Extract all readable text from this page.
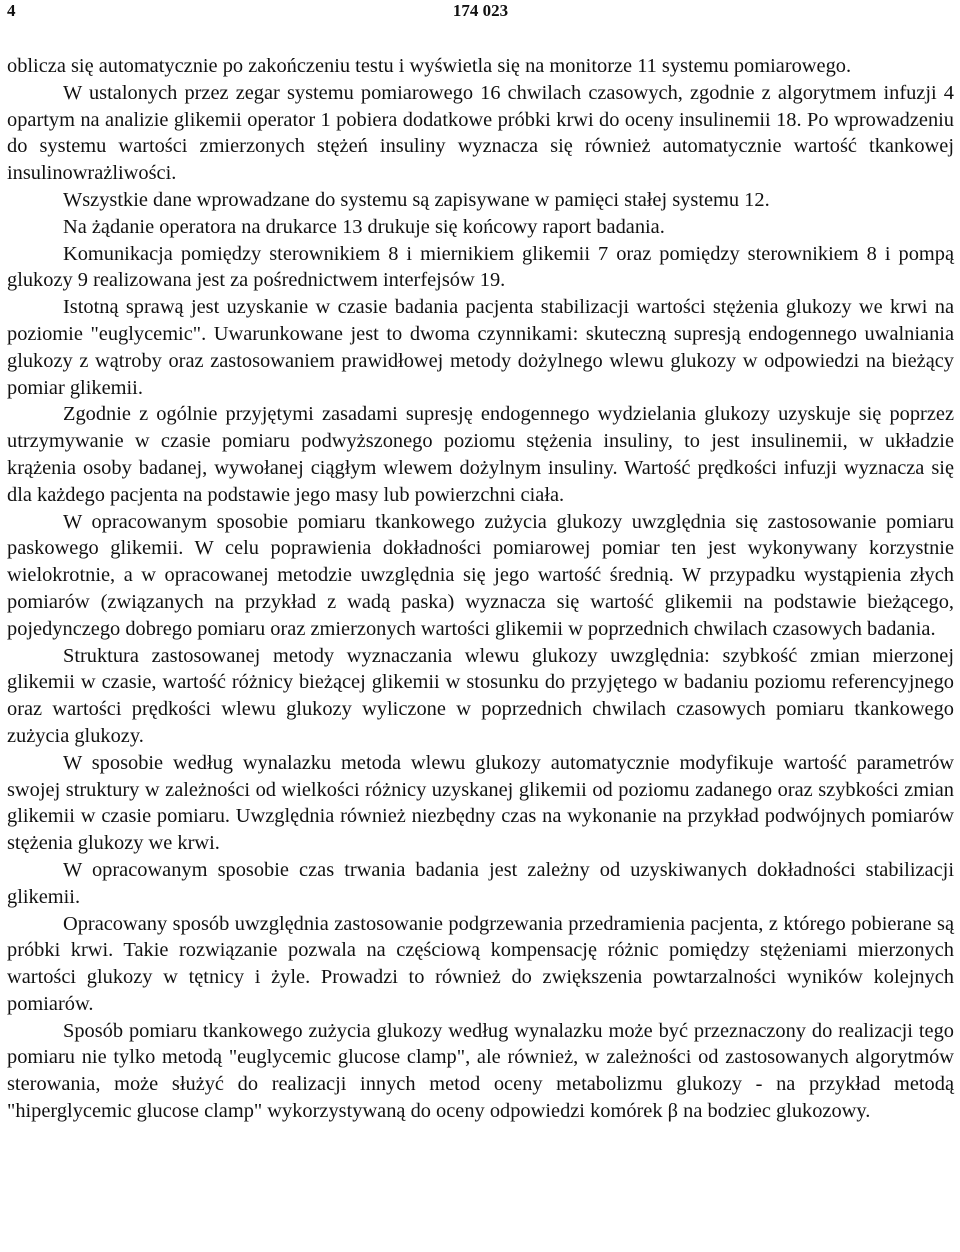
4	174 023

oblicza się automatycznie po zakończeniu testu i wyświetla się na monitorze 11 systemu pomiarowego.

W ustalonych przez zegar systemu pomiarowego 16 chwilach czasowych, zgodnie z algorytmem infuzji 4 opartym na analizie glikemii operator 1 pobiera dodatkowe próbki krwi do oceny insulinemii 18. Po wprowadzeniu do systemu wartości zmierzonych stężeń insuliny wyznacza się również automatycznie wartość tkankowej insulinowrażliwości.

Wszystkie dane wprowadzane do systemu są zapisywane w pamięci stałej systemu 12.

Na żądanie operatora na drukarce 13 drukuje się końcowy raport badania.

Komunikacja pomiędzy sterownikiem 8 i miernikiem glikemii 7 oraz pomiędzy sterownikiem 8 i pompą glukozy 9 realizowana jest za pośrednictwem interfejsów 19.

Istotną sprawą jest uzyskanie w czasie badania pacjenta stabilizacji wartości stężenia glukozy we krwi na poziomie "euglycemic". Uwarunkowane jest to dwoma czynnikami: skuteczną supresją endogennego uwalniania glukozy z wątroby oraz zastosowaniem prawidłowej metody dożylnego wlewu glukozy w odpowiedzi na bieżący pomiar glikemii.

Zgodnie z ogólnie przyjętymi zasadami supresję endogennego wydzielania glukozy uzyskuje się poprzez utrzymywanie w czasie pomiaru podwyższonego poziomu stężenia insuliny, to jest insulinemii, w układzie krążenia osoby badanej, wywołanej ciągłym wlewem dożylnym insuliny. Wartość prędkości infuzji wyznacza się dla każdego pacjenta na podstawie jego masy lub powierzchni ciała.

W opracowanym sposobie pomiaru tkankowego zużycia glukozy uwzględnia się zastosowanie pomiaru paskowego glikemii. W celu poprawienia dokładności pomiarowej pomiar ten jest wykonywany korzystnie wielokrotnie, a w opracowanej metodzie uwzględnia się jego wartość średnią. W przypadku wystąpienia złych pomiarów (związanych na przykład z wadą paska) wyznacza się wartość glikemii na podstawie bieżącego, pojedynczego dobrego pomiaru oraz zmierzonych wartości glikemii w poprzednich chwilach czasowych badania.

Struktura zastosowanej metody wyznaczania wlewu glukozy uwzględnia: szybkość zmian mierzonej glikemii w czasie, wartość różnicy bieżącej glikemii w stosunku do przyjętego w badaniu poziomu referencyjnego oraz wartości prędkości wlewu glukozy wyliczone w poprzednich chwilach czasowych pomiaru tkankowego zużycia glukozy.

W sposobie według wynalazku metoda wlewu glukozy automatycznie modyfikuje wartość parametrów swojej struktury w zależności od wielkości różnicy uzyskanej glikemii od poziomu zadanego oraz szybkości zmian glikemii w czasie pomiaru. Uwzględnia również niezbędny czas na wykonanie na przykład podwójnych pomiarów stężenia glukozy we krwi.

W opracowanym sposobie czas trwania badania jest zależny od uzyskiwanych dokładności stabilizacji glikemii.

Opracowany sposób uwzględnia zastosowanie podgrzewania przedramienia pacjenta, z którego pobierane są próbki krwi. Takie rozwiązanie pozwala na częściową kompensację różnic pomiędzy stężeniami mierzonych wartości glukozy w tętnicy i żyle. Prowadzi to również do zwiększenia powtarzalności wyników kolejnych pomiarów.

Sposób pomiaru tkankowego zużycia glukozy według wynalazku może być przeznaczony do realizacji tego pomiaru nie tylko metodą "euglycemic glucose clamp", ale również, w zależności od zastosowanych algorytmów sterowania, może służyć do realizacji innych metod oceny metabolizmu glukozy - na przykład metodą "hiperglycemic glucose clamp" wykorzystywaną do oceny odpowiedzi komórek β na bodziec glukozowy.
